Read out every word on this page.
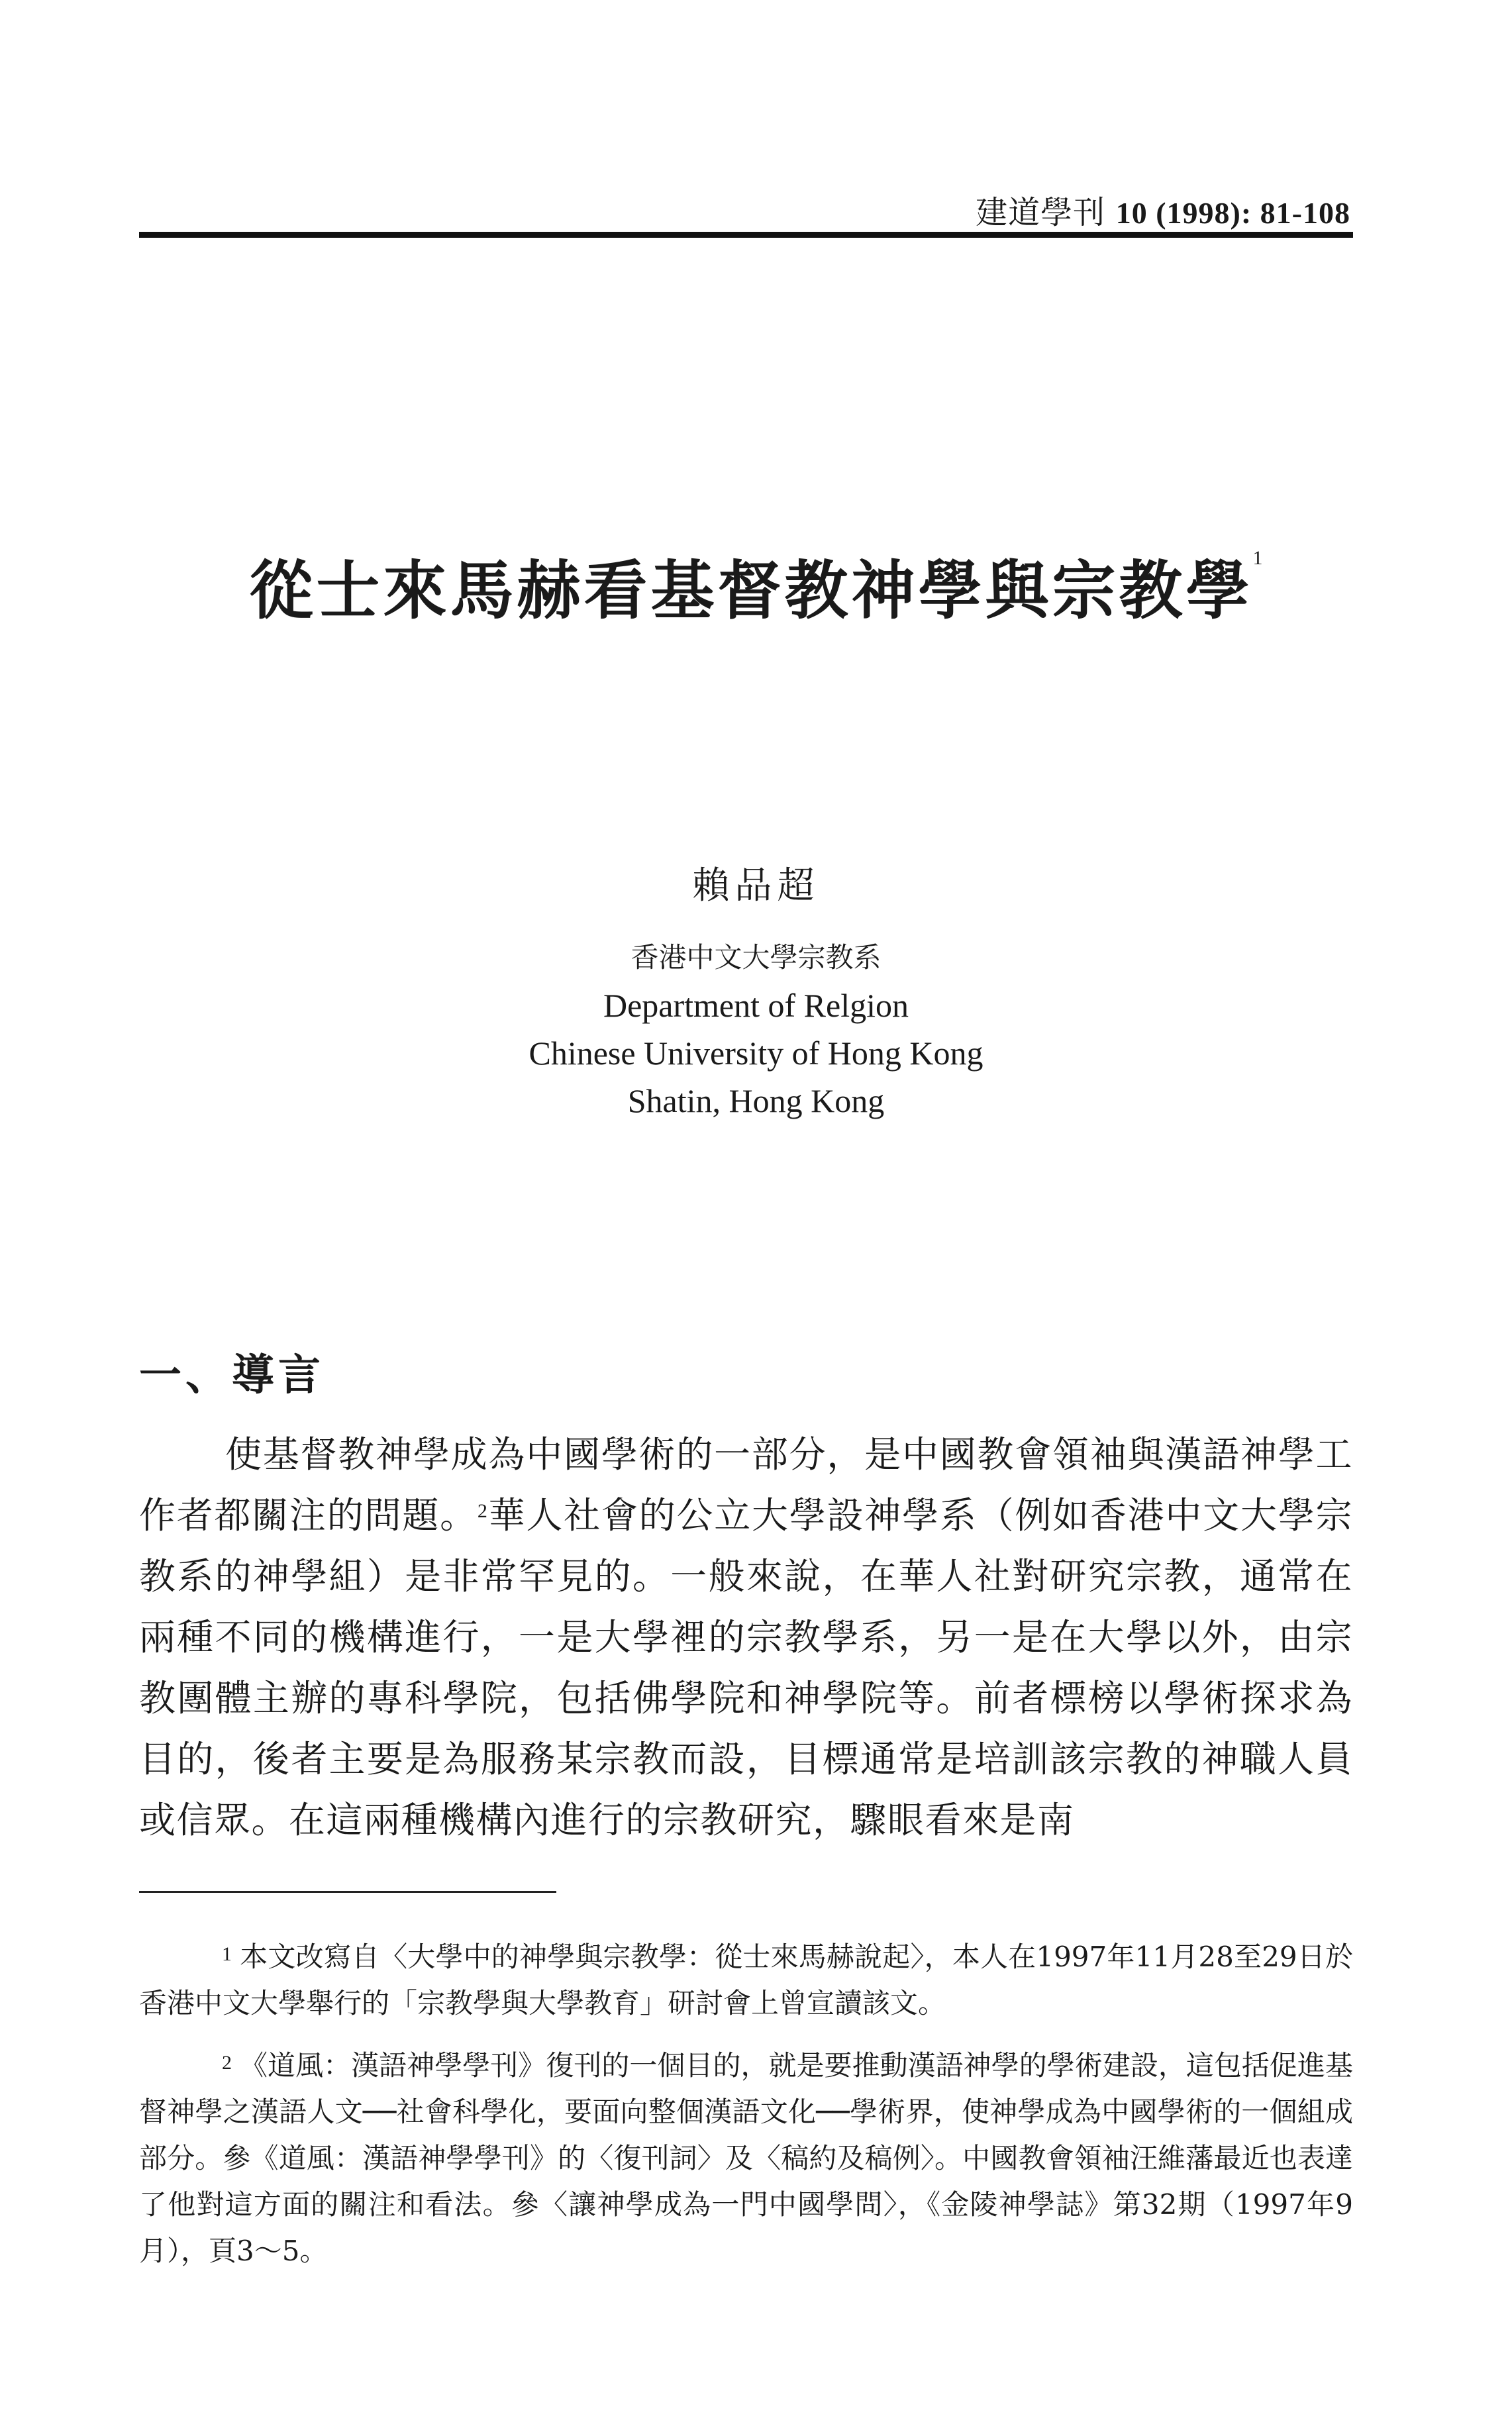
建道學刊 10 (1998): 81-108
從士來馬赫看基督教神學與宗教學$^1$
賴品超
香港中文大學宗教系
Department of Relgion
Chinese University of Hong Kong
Shatin, Hong Kong
一、導言
使基督教神學成為中國學術的一部分，是中國教會領袖與漢語神學工作者都關注的問題。$^2$華人社會的公立大學設神學系（例如香港中文大學宗教系的神學組）是非常罕見的。一般來說，在華人社對研究宗教，通常在兩種不同的機構進行，一是大學裡的宗教學系，另一是在大學以外，由宗教團體主辦的專科學院，包括佛學院和神學院等。前者標榜以學術探求為目的，後者主要是為服務某宗教而設，目標通常是培訓該宗教的神職人員或信眾。在這兩種機構內進行的宗教研究，驟眼看來是南

$^1$ 本文改寫自〈大學中的神學與宗教學：從士來馬赫說起〉，本人在1997年11月28至29日於香港中文大學舉行的「宗教學與大學教育」研討會上曾宣讀該文。

$^2$ 《道風：漢語神學學刊》復刊的一個目的，就是要推動漢語神學的學術建設，這包括促進基督神學之漢語人文──社會科學化，要面向整個漢語文化──學術界，使神學成為中國學術的一個組成部分。參《道風：漢語神學學刊》的〈復刊詞〉及〈稿約及稿例〉。中國教會領袖汪維藩最近也表達了他對這方面的關注和看法。參〈讓神學成為一門中國學問〉，《金陵神學誌》第32期（1997年9月），頁3～5。
